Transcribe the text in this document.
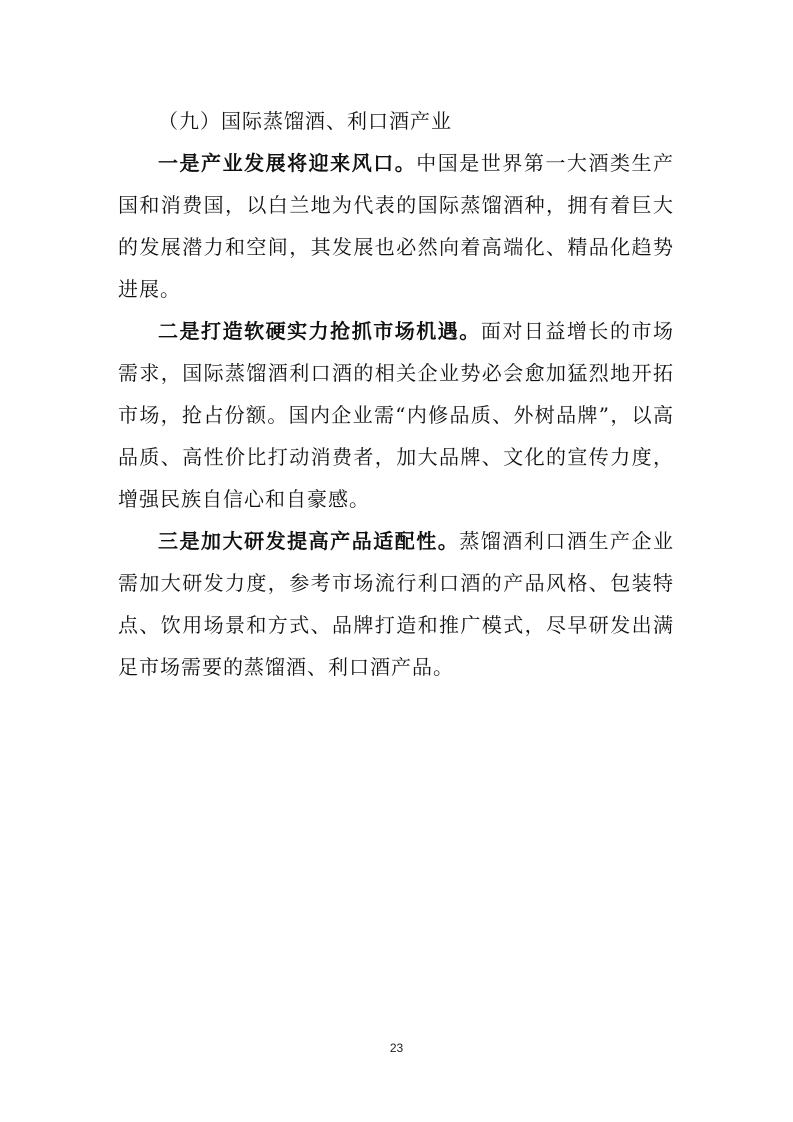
（九）国际蒸馏酒、利口酒产业

一是产业发展将迎来风口。中国是世界第一大酒类生产国和消费国，以白兰地为代表的国际蒸馏酒种，拥有着巨大的发展潜力和空间，其发展也必然向着高端化、精品化趋势进展。

二是打造软硬实力抢抓市场机遇。面对日益增长的市场需求，国际蒸馏酒利口酒的相关企业势必会愈加猛烈地开拓市场，抢占份额。国内企业需“内修品质、外树品牌”，以高品质、高性价比打动消费者，加大品牌、文化的宣传力度，增强民族自信心和自豪感。

三是加大研发提高产品适配性。蒸馏酒利口酒生产企业需加大研发力度，参考市场流行利口酒的产品风格、包装特点、饮用场景和方式、品牌打造和推广模式，尽早研发出满足市场需要的蒸馏酒、利口酒产品。

23
